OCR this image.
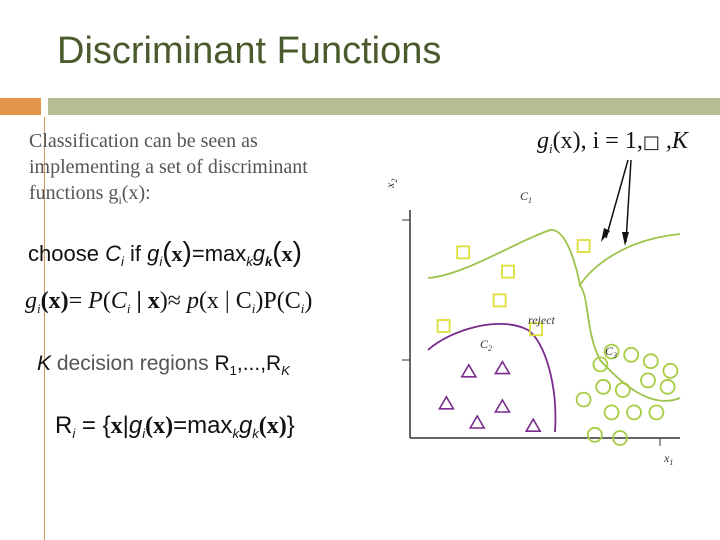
Discriminant Functions
Classification can be seen as implementing a set of discriminant functions $g_i(x)$:
choose $C_i$ if $g_i(x)=\max_kg_k(x)$
$g_i(x)= P(C_i$ | x)≈ p(x | $C_i)P(C_i)$
K decision regions $R_1,...,R_K$
$R_i = \{x|g_i(x)=\max_kg_k(x)\}$
$g_i(x)$, i = 1,□ ,K
$C_1$
$C_2$	$C_3$
reject
$x_1$
$x_2$
